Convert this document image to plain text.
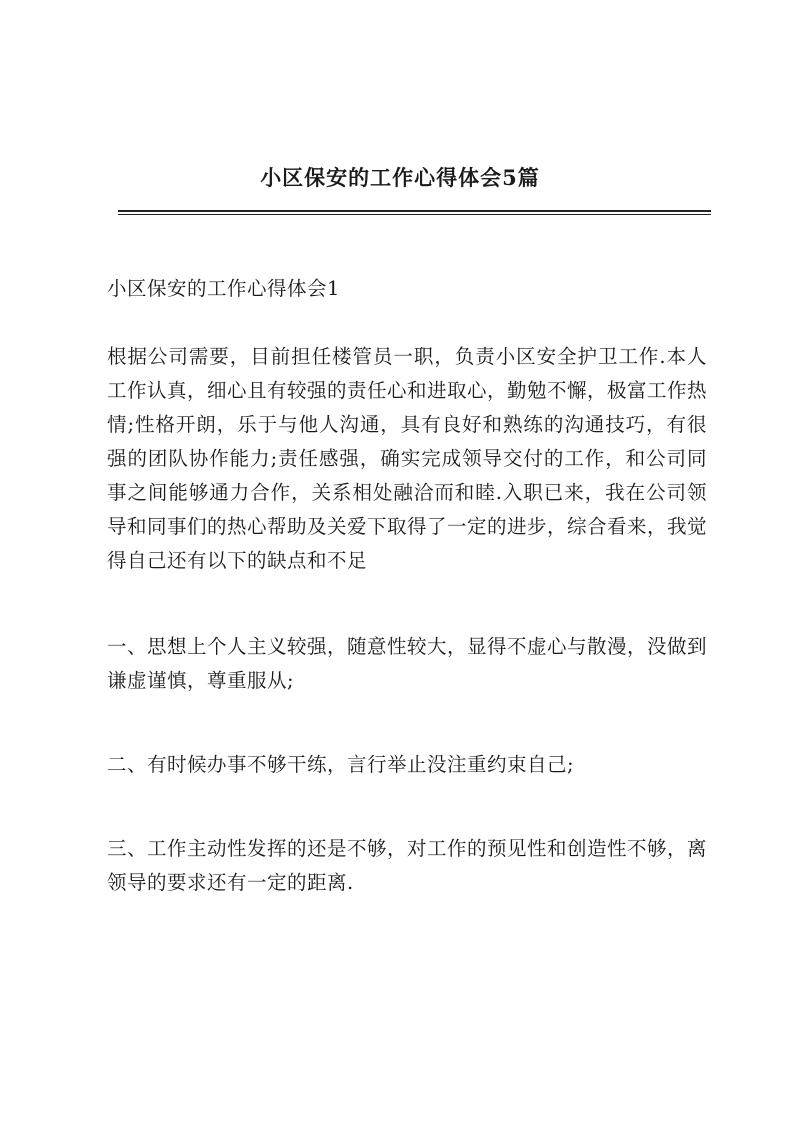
小区保安的工作心得体会5篇

小区保安的工作心得体会1

根据公司需要，目前担任楼管员一职，负责小区安全护卫工作.本人工作认真，细心且有较强的责任心和进取心，勤勉不懈，极富工作热情;性格开朗，乐于与他人沟通，具有良好和熟练的沟通技巧，有很强的团队协作能力;责任感强，确实完成领导交付的工作，和公司同事之间能够通力合作，关系相处融洽而和睦.入职已来，我在公司领导和同事们的热心帮助及关爱下取得了一定的进步，综合看来，我觉得自己还有以下的缺点和不足

一、思想上个人主义较强，随意性较大，显得不虚心与散漫，没做到谦虚谨慎，尊重服从;

二、有时候办事不够干练，言行举止没注重约束自己;

三、工作主动性发挥的还是不够，对工作的预见性和创造性不够，离领导的要求还有一定的距离.
